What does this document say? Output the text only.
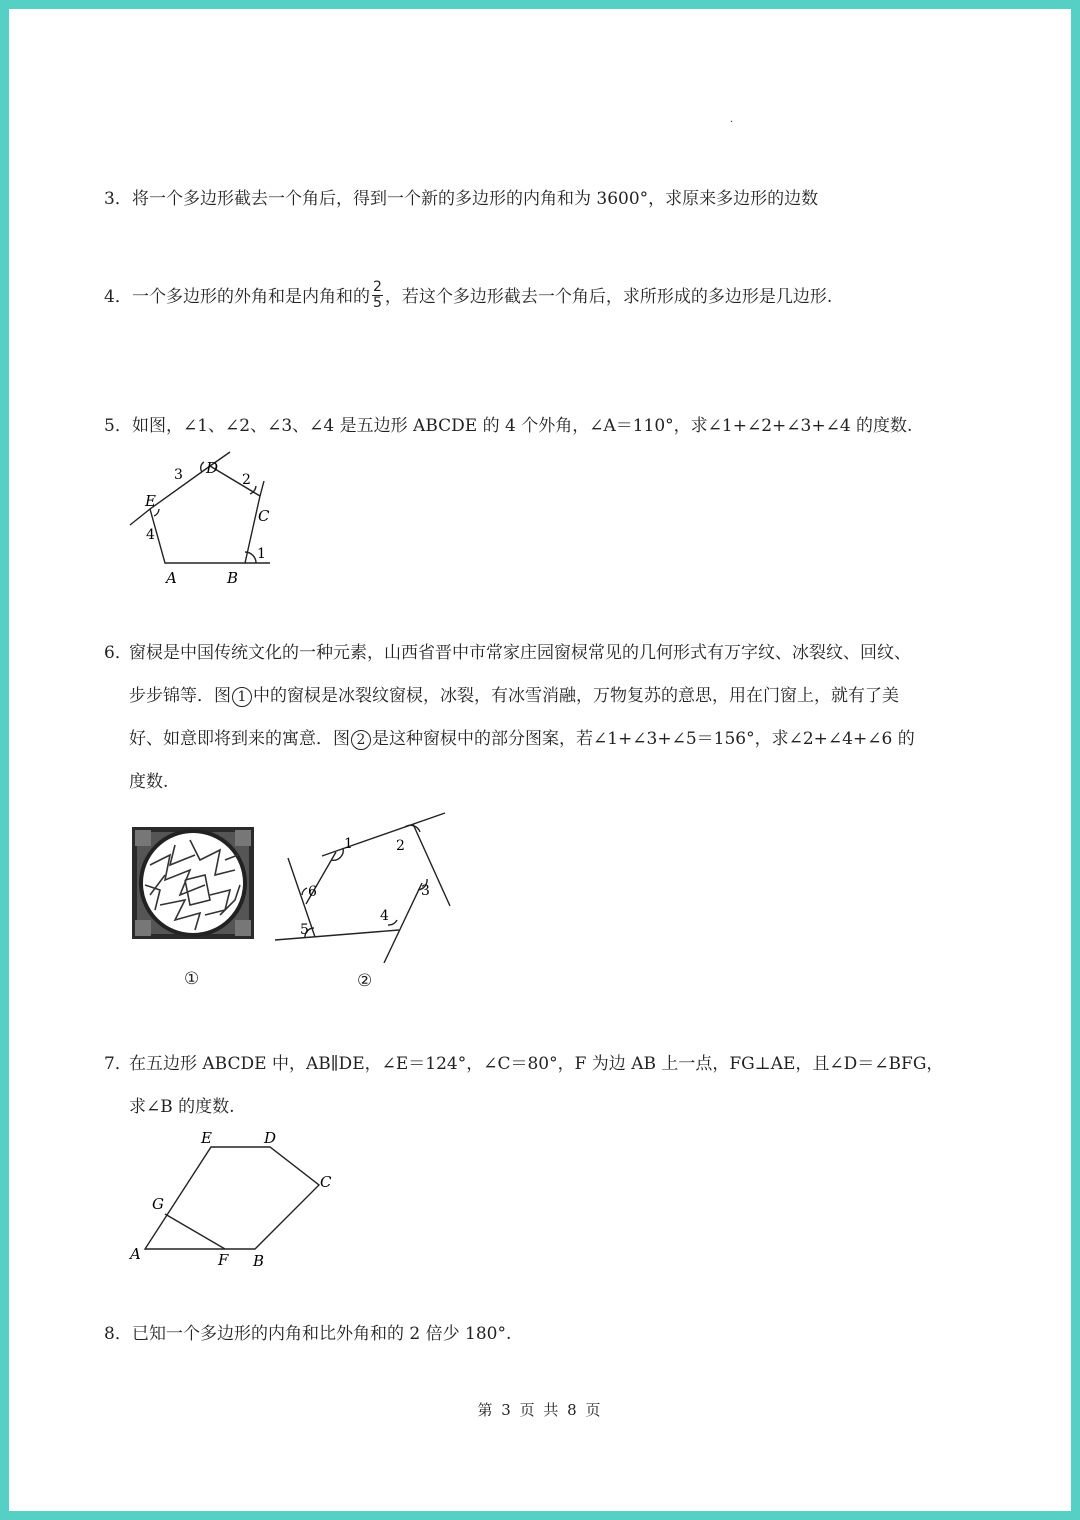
.
3．将一个多边形截去一个角后，得到一个新的多边形的内角和为 3600°，求原来多边形的边数
4．一个多边形的外角和是内角和的 $\frac{2}{5}$ ，若这个多边形截去一个角后，求所形成的多边形是几边形.
5．如图，∠1、∠2、∠3、∠4 是五边形 ABCDE 的 4 个外角，∠A＝110°，求∠1+∠2+∠3+∠4 的度数.
A	B
C
D
E
1
2
3
4
6．窗棂是中国传统文化的一种元素，山西省晋中市常家庄园窗棂常见的几何形式有万字纹、冰裂纹、回纹、
步步锦等．图 1 中的窗棂是冰裂纹窗棂，冰裂，有冰雪消融，万物复苏的意思，用在门窗上，就有了美
好、如意即将到来的寓意．图 2 是这种窗棂中的部分图案，若∠1+∠3+∠5＝156°，求∠2+∠4+∠6 的
度数.
①
1	2
3
4
5
6
②
7．在五边形 ABCDE 中，AB∥DE，∠E＝124°，∠C＝80°，F 为边 AB 上一点，FG⊥AE，且∠D＝∠BFG，
求∠B 的度数.
A	B
C
D
E
F
G
8．已知一个多边形的内角和比外角和的 2 倍少 180°.
第 3 页 共 8 页
